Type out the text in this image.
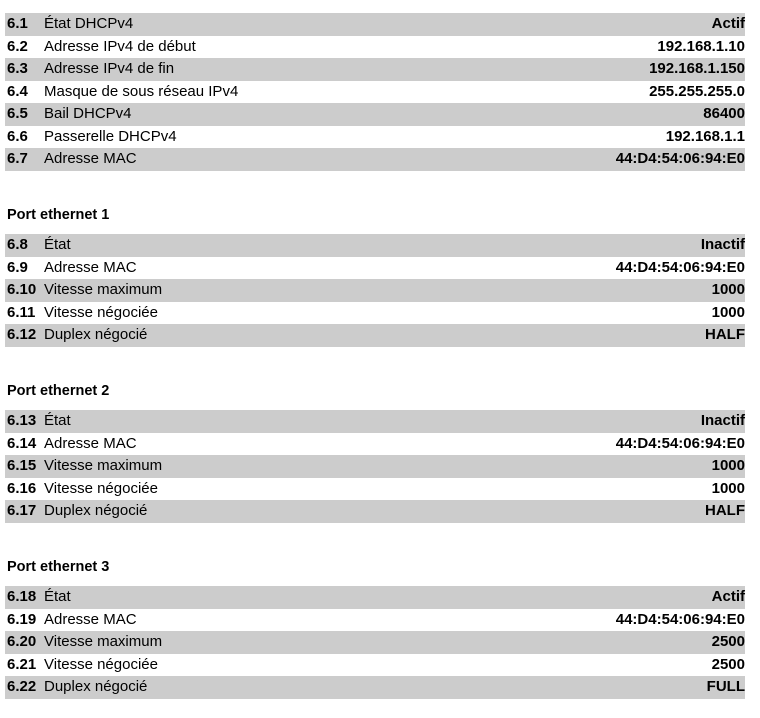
6.1	État DHCPv4	Actif
6.2	Adresse IPv4 de début	192.168.1.10
6.3	Adresse IPv4 de fin	192.168.1.150
6.4	Masque de sous réseau IPv4	255.255.255.0
6.5	Bail DHCPv4	86400
6.6	Passerelle DHCPv4	192.168.1.1
6.7	Adresse MAC	44:D4:54:06:94:E0
Port ethernet 1
6.8	État	Inactif
6.9	Adresse MAC	44:D4:54:06:94:E0
6.10 Vitesse maximum	1000
6.11 Vitesse négociée	1000
6.12 Duplex négocié	HALF
Port ethernet 2
6.13 État	Inactif
6.14 Adresse MAC	44:D4:54:06:94:E0
6.15 Vitesse maximum	1000
6.16 Vitesse négociée	1000
6.17 Duplex négocié	HALF
Port ethernet 3
6.18 État	Actif
6.19 Adresse MAC	44:D4:54:06:94:E0
6.20 Vitesse maximum	2500
6.21 Vitesse négociée	2500
6.22 Duplex négocié	FULL
